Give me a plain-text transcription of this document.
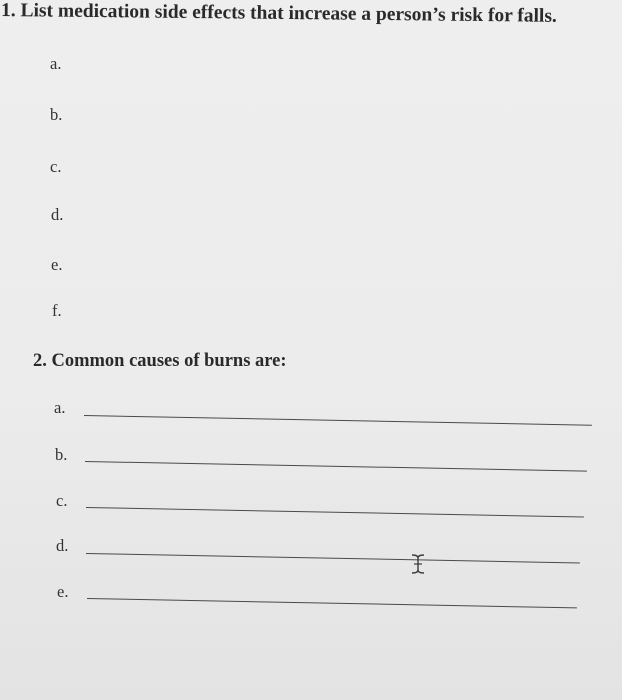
1. List medication side effects that increase a person’s risk for falls.
a.
b.
c.
d.
e.
f.
2. Common causes of burns are:
a.
b.
c.
d.
e.
